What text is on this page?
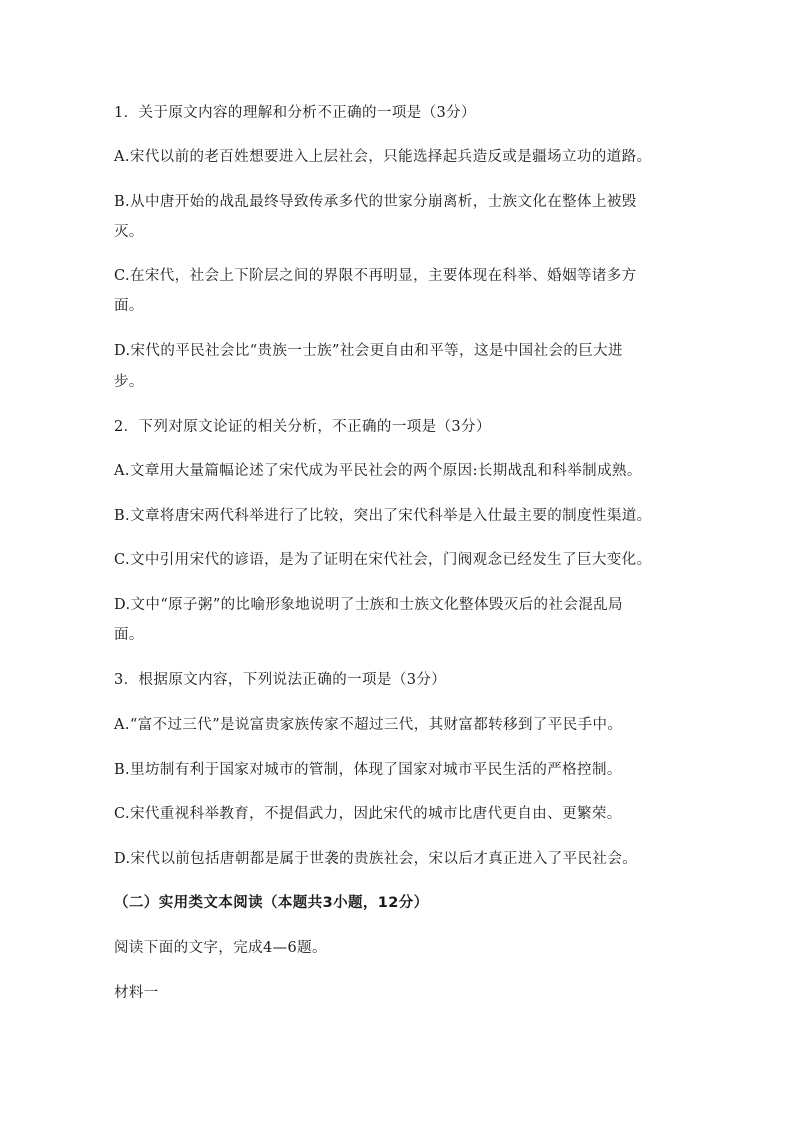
1．关于原文内容的理解和分析不正确的一项是（3分）
A.宋代以前的老百姓想要进入上层社会，只能选择起兵造反或是疆场立功的道路。
B.从中唐开始的战乱最终导致传承多代的世家分崩离析，士族文化在整体上被毁
灭。
C.在宋代，社会上下阶层之间的界限不再明显，主要体现在科举、婚姻等诸多方
面。
D.宋代的平民社会比“贵族一士族”社会更自由和平等，这是中国社会的巨大进
步。
2．下列对原文论证的相关分析，不正确的一项是（3分）
A.文章用大量篇幅论述了宋代成为平民社会的两个原因:长期战乱和科举制成熟。
B.文章将唐宋两代科举进行了比较，突出了宋代科举是入仕最主要的制度性渠道。
C.文中引用宋代的谚语，是为了证明在宋代社会，门阀观念已经发生了巨大变化。
D.文中“原子粥”的比喻形象地说明了士族和士族文化整体毁灭后的社会混乱局
面。
3．根据原文内容，下列说法正确的一项是（3分）
A.“富不过三代”是说富贵家族传家不超过三代，其财富都转移到了平民手中。
B.里坊制有利于国家对城市的管制，体现了国家对城市平民生活的严格控制。
C.宋代重视科举教育，不提倡武力，因此宋代的城市比唐代更自由、更繁荣。
D.宋代以前包括唐朝都是属于世袭的贵族社会，宋以后才真正进入了平民社会。
（二）实用类文本阅读（本题共3小题，12分）
阅读下面的文字，完成4—6题。
材料一
